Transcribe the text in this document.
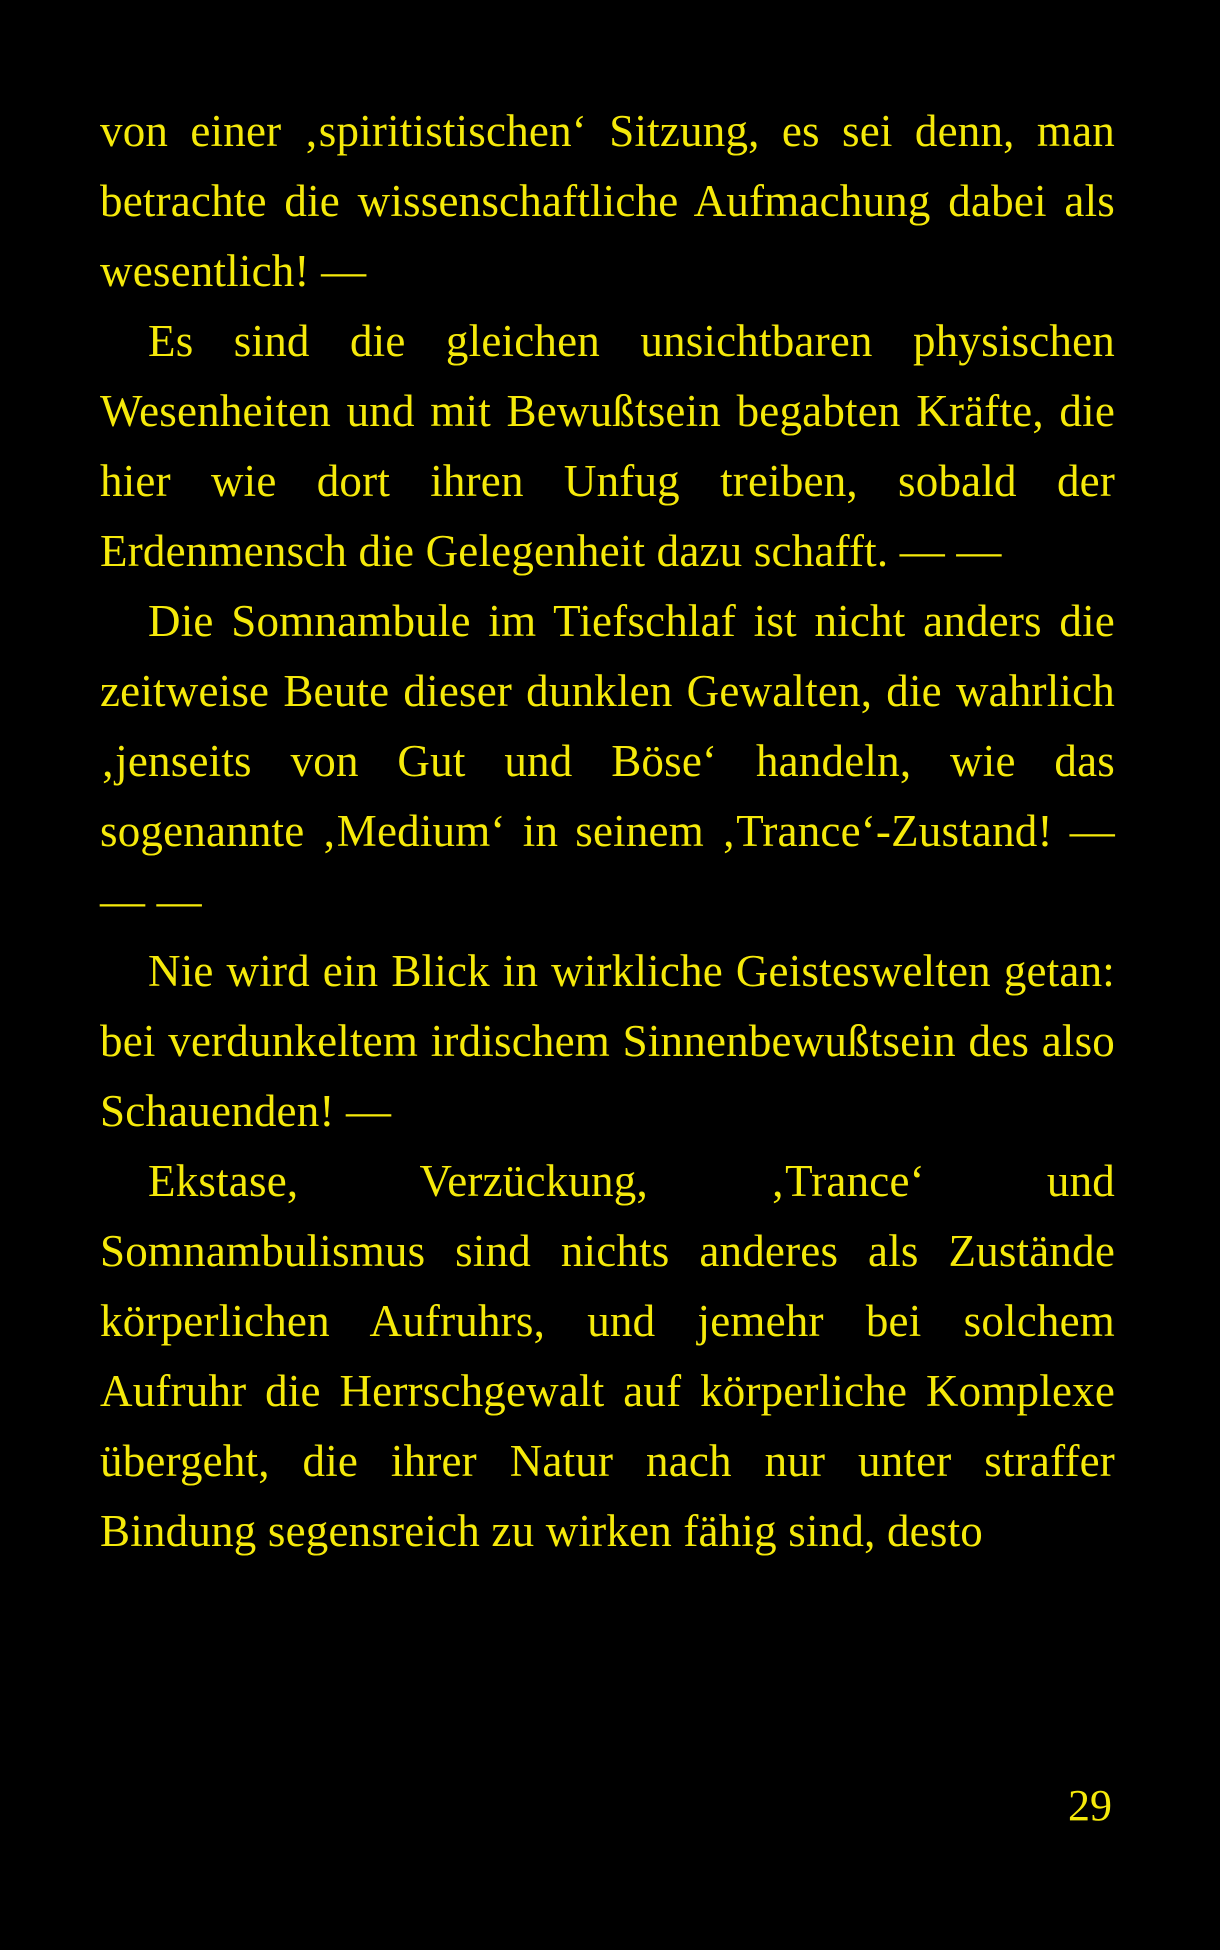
von einer ‚spiritistischen‘ Sitzung, es sei denn, man betrachte die wissenschaftliche Aufmachung dabei als wesentlich! —

Es sind die gleichen unsichtbaren physischen Wesenheiten und mit Bewußtsein begabten Kräfte, die hier wie dort ihren Unfug treiben, sobald der Erdenmensch die Gelegenheit dazu schafft. — —

Die Somnambule im Tiefschlaf ist nicht anders die zeitweise Beute dieser dunklen Gewalten, die wahrlich ‚jenseits von Gut und Böse‘ handeln, wie das sogenannte ‚Medium‘ in seinem ‚Trance‘-Zustand! — — —

Nie wird ein Blick in wirkliche Geisteswelten getan: bei verdunkeltem irdischem Sinnenbewußtsein des also Schauenden! —

Ekstase, Verzückung, ‚Trance‘ und Somnambulismus sind nichts anderes als Zustände körperlichen Aufruhrs, und jemehr bei solchem Aufruhr die Herrschgewalt auf körperliche Komplexe übergeht, die ihrer Natur nach nur unter straffer Bindung segensreich zu wirken fähig sind, desto

29
